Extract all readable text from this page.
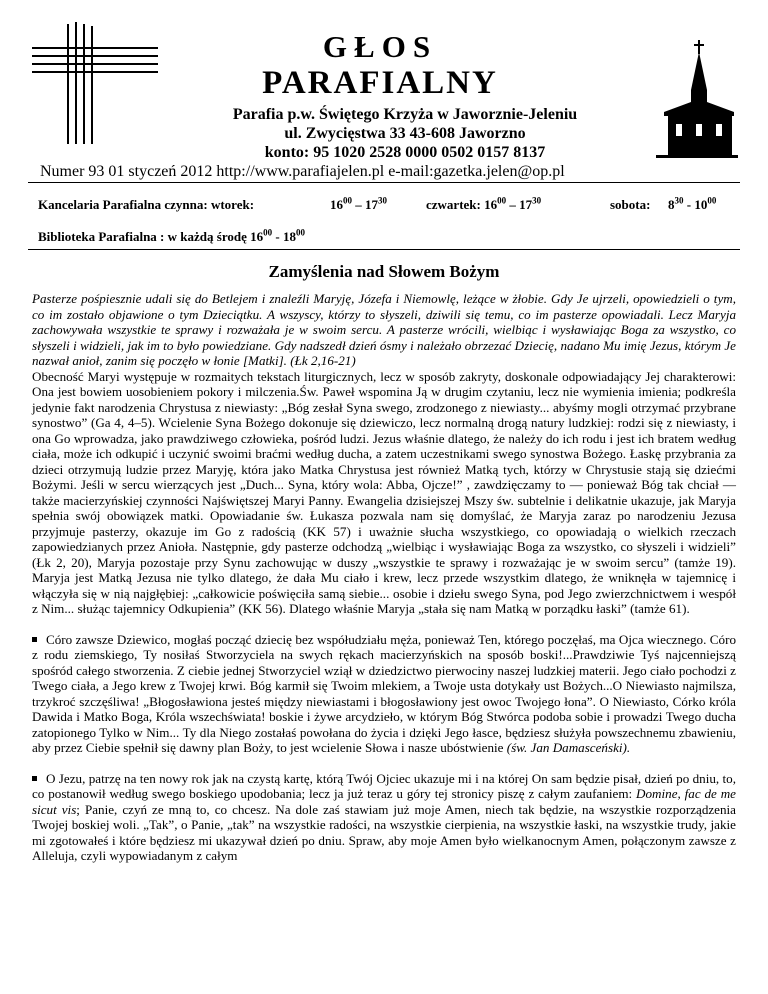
GŁOS
PARAFIALNY
Parafia p.w. Świętego Krzyża w Jaworznie-Jeleniu
ul. Zwycięstwa 33 43-608 Jaworzno
konto: 95 1020 2528 0000 0502 0157 8137
Numer 93 01 styczeń 2012 http://www.parafiajelen.pl e-mail:gazetka.jelen@op.pl
Kancelaria Parafialna czynna: wtorek:	$16^{00} - 17^{30}$	czwartek: $16^{00} - 17^{30}$	sobota: $8^{30} - 10^{00}$
Biblioteka Parafialna : w każdą środę $16^{00} - 18^{00}$
Zamyślenia nad Słowem Bożym

Pasterze pośpiesznie udali się do Betlejem i znaleźli Maryję, Józefa i Niemowlę, leżące w żłobie. Gdy Je ujrzeli, opowiedzieli o tym, co im zostało objawione o tym Dzieciątku. A wszyscy, którzy to słyszeli, dziwili się temu, co im pasterze opowiadali. Lecz Maryja zachowywała wszystkie te sprawy i rozważała je w swoim sercu. A pasterze wrócili, wielbiąc i wysławiając Boga za wszystko, co słyszeli i widzieli, jak im to było powiedziane. Gdy nadszedł dzień ósmy i należało obrzezać Dziecię, nadano Mu imię Jezus, którym Je nazwał anioł, zanim się poczęło w łonie [Matki]. (Łk 2,16-21)

Obecność Maryi występuje w rozmaitych tekstach liturgicznych, lecz w sposób zakryty, doskonale odpowiadający Jej charakterowi: Ona jest bowiem uosobieniem pokory i milczenia.Św. Paweł wspomina Ją w drugim czytaniu, lecz nie wymienia imienia; podkreśla jedynie fakt narodzenia Chrystusa z niewiasty: „Bóg zesłał Syna swego, zrodzonego z niewiasty... abyśmy mogli otrzymać przybrane synostwo” (Ga 4, 4–5). Wcielenie Syna Bożego dokonuje się dziewiczo, lecz normalną drogą natury ludzkiej: rodzi się z niewiasty, i ona Go wprowadza, jako prawdziwego człowieka, pośród ludzi. Jezus właśnie dlatego, że należy do ich rodu i jest ich bratem według ciała, może ich odkupić i uczynić swoimi braćmi według ducha, a zatem uczestnikami swego synostwa Bożego. Łaskę przybrania za dzieci otrzymują ludzie przez Maryję, która jako Matka Chrystusa jest również Matką tych, którzy w Chrystusie stają się dziećmi Bożymi. Jeśli w sercu wierzących jest „Duch... Syna, który wola: Abba, Ojcze!” , zawdzięczamy to — ponieważ Bóg tak chciał — także macierzyńskiej czynności Najświętszej Maryi Panny. Ewangelia dzisiejszej Mszy św. subtelnie i delikatnie ukazuje, jak Maryja spełnia swój obowiązek matki. Opowiadanie św. Łukasza pozwala nam się domyślać, że Maryja zaraz po narodzeniu Jezusa przyjmuje pasterzy, okazuje im Go z radością (KK 57) i uważnie słucha wszystkiego, co opowiadają o wielkich rzeczach zapowiedzianych przez Anioła. Następnie, gdy pasterze odchodzą „wielbiąc i wysławiając Boga za wszystko, co słyszeli i widzieli” (Łk 2, 20), Maryja pozostaje przy Synu zachowując w duszy „wszystkie te sprawy i rozważając je w swoim sercu” (tamże 19). Maryja jest Matką Jezusa nie tylko dlatego, że dała Mu ciało i krew, lecz przede wszystkim dlatego, że wniknęła w tajemnicę i włączyła się w nią najgłębiej: „całkowicie poświęciła samą siebie... osobie i dziełu swego Syna, pod Jego zwierzchnictwem i wespół z Nim... służąc tajemnicy Odkupienia” (KK 56). Dlatego właśnie Maryja „stała się nam Matką w porządku łaski” (tamże 61).

Córo zawsze Dziewico, mogłaś począć dziecię bez współudziału męża, ponieważ Ten, którego poczęłaś, ma Ojca wiecznego. Córo z rodu ziemskiego, Ty nosiłaś Stworzyciela na swych rękach macierzyńskich na sposób boski!...Prawdziwie Tyś najcenniejszą spośród całego stworzenia. Z ciebie jednej Stworzyciel wziął w dziedzictwo pierwociny naszej ludzkiej materii. Jego ciało pochodzi z Twego ciała, a Jego krew z Twojej krwi. Bóg karmił się Twoim mlekiem, a Twoje usta dotykały ust Bożych...O Niewiasto najmilsza, trzykroć szczęśliwa! „Błogosławiona jesteś między niewiastami i błogosławiony jest owoc Twojego łona”. O Niewiasto, Córko króla Dawida i Matko Boga, Króla wszechświata! boskie i żywe arcydzieło, w którym Bóg Stwórca podoba sobie i prowadzi Twego ducha zatopionego Tylko w Nim... Ty dla Niego zostałaś powołana do życia i dzięki Jego łasce, będziesz służyła powszechnemu zbawieniu, aby przez Ciebie spełnił się dawny plan Boży, to jest wcielenie Słowa i nasze ubóstwienie (św. Jan Damasceński).

O Jezu, patrzę na ten nowy rok jak na czystą kartę, którą Twój Ojciec ukazuje mi i na której On sam będzie pisał, dzień po dniu, to, co postanowił według swego boskiego upodobania; lecz ja już teraz u góry tej stronicy piszę z całym zaufaniem: Domine, fac de me sicut vis; Panie, czyń ze mną to, co chcesz. Na dole zaś stawiam już moje Amen, niech tak będzie, na wszystkie rozporządzenia Twojej boskiej woli. „Tak”, o Panie, „tak” na wszystkie radości, na wszystkie cierpienia, na wszystkie łaski, na wszystkie trudy, jakie mi zgotowałeś i które będziesz mi ukazywał dzień po dniu. Spraw, aby moje Amen było wielkanocnym Amen, połączonym zawsze z Alleluja, czyli wypowiadanym z całym
